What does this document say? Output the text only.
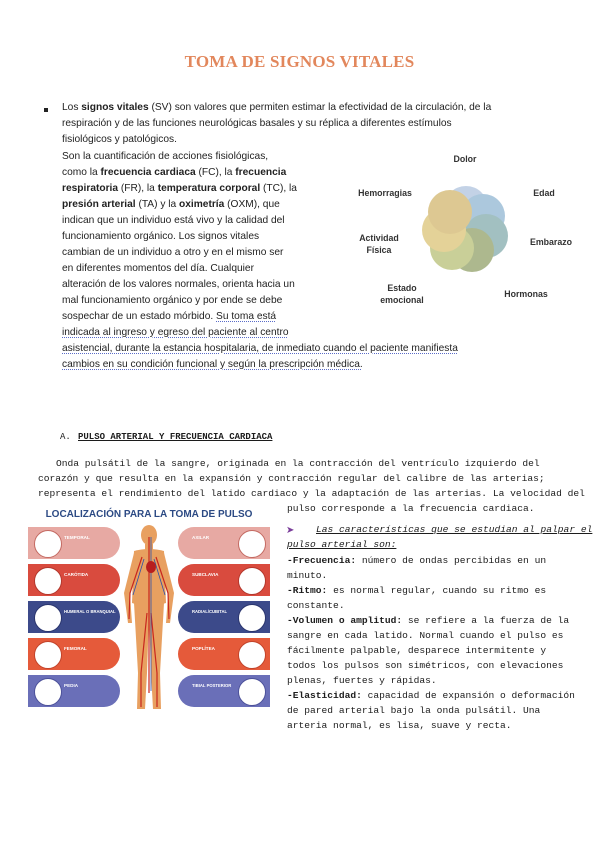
TOMA DE SIGNOS VITALES
Los signos vitales (SV) son valores que permiten estimar la efectividad de la circulación, de la
respiración y de las funciones neurológicas basales y su réplica a diferentes estímulos
fisiológicos y patológicos.
Son la cuantificación de acciones fisiológicas,
como la frecuencia cardiaca (FC), la frecuencia
respiratoria (FR), la temperatura corporal (TC), la
presión arterial (TA) y la oximetría (OXM), que
indican que un individuo está vivo y la calidad del
funcionamiento orgánico. Los signos vitales
cambian de un individuo a otro y en el mismo ser
en diferentes momentos del día. Cualquier
alteración de los valores normales, orienta hacia un
mal funcionamiento orgánico y por ende se debe
sospechar de un estado mórbido. Su toma está
indicada al ingreso y egreso del paciente al centro
asistencial, durante la estancia hospitalaria, de inmediato cuando el paciente manifiesta
cambios en su condición funcional y según la prescripción médica.
Dolor
Edad
Embarazo
Hormonas
Estado emocional
Actividad Física
Hemorragias
A. PULSO ARTERIAL Y FRECUENCIA CARDIACA
Onda pulsátil de la sangre, originada en la contracción del ventrículo izquierdo del
corazón y que resulta en la expansión y contracción regular del calibre de las arterias;
representa el rendimiento del latido cardiaco y la adaptación de las arterias. La velocidad del
pulso corresponde a la frecuencia cardiaca.
LOCALIZACIÓN PARA LA TOMA DE PULSO
TEMPORAL
CARÓTIDA
HUMERAL O BRANQUIAL
FEMORAL
PEDIA
AXILAR
SUBCLAVIA
RADIAL/CUBITAL
POPLÍTEA
TIBIAL POSTERIOR
➤ Las características que se estudian al palpar el
pulso arterial son:
-Frecuencia: número de ondas percibidas en un
minuto.
-Ritmo: es normal regular, cuando su ritmo es
constante.
-Volumen o amplitud: se refiere a la fuerza de la
sangre en cada latido. Normal cuando el pulso es
fácilmente palpable, desparece intermitente y
todos los pulsos son simétricos, con elevaciones
plenas, fuertes y rápidas.
-Elasticidad: capacidad de expansión o deformación
de pared arterial bajo la onda pulsátil. Una
arteria normal, es lisa, suave y recta.
